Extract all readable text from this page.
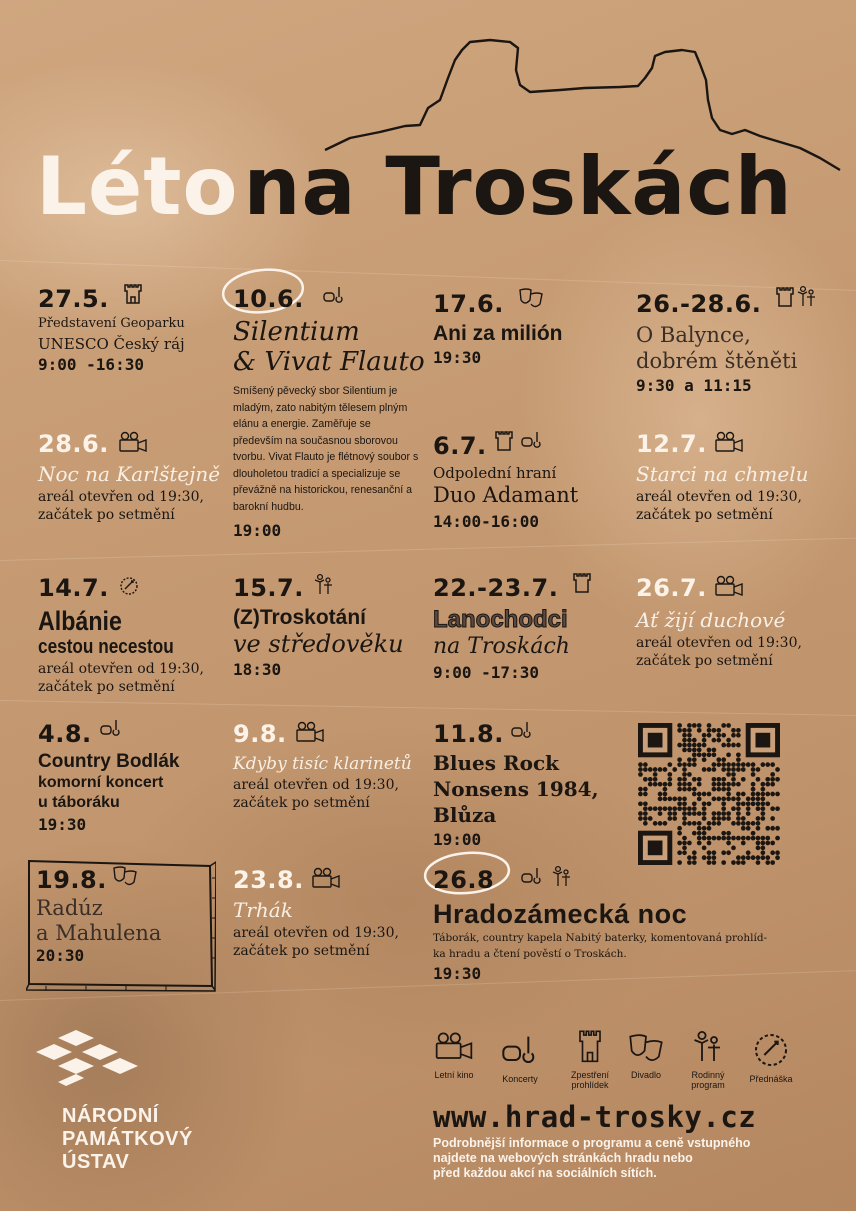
Léto na Troskách
27.5.
Představení Geoparku
UNESCO Český ráj
9:00 -16:30
10.6.
Silentium
& Vivat Flauto
Smíšený pěvecký sbor Silentium je mladým, zato nabitým tělesem plným elánu a energie. Zaměřuje se především na současnou sborovou tvorbu. Vivat Flauto je flétnový soubor s dlouholetou tradicí a specializuje se převážně na historickou, renesanční a barokní hudbu.
19:00
17.6.
Ani za milión
19:30
26.-28.6.
O Balynce,
dobrém štěněti
9:30 a 11:15
28.6.
Noc na Karlštejně
areál otevřen od 19:30,
začátek po setmění
6.7.
Odpolední hraní
Duo Adamant
14:00-16:00
12.7.
Starci na chmelu
areál otevřen od 19:30,
začátek po setmění
14.7.
Albánie
cestou necestou
areál otevřen od 19:30,
začátek po setmění
15.7.
(Z)Troskotání
ve středověku
18:30
22.-23.7.
Lanochodci
na Troskách
9:00 -17:30
26.7.
Ať žijí duchové
areál otevřen od 19:30,
začátek po setmění
4.8.
Country Bodlák
komorní koncert
u táboráku
19:30
9.8.
Kdyby tisíc klarinetů
areál otevřen od 19:30,
začátek po setmění
11.8.
Blues Rock
Nonsens 1984,
Blůza
19:00
19.8.
Radúz
a Mahulena
20:30
23.8.
Trhák
areál otevřen od 19:30,
začátek po setmění
26.8
Hradozámecká noc
Táborák, country kapela Nabitý baterky, komentovaná prohlíd-
ka hradu a čtení pověstí o Troskách.
19:30
NÁRODNÍ
PAMÁTKOVÝ
ÚSTAV
Letní kino	Koncerty	Zpestření prohlídek
Divadlo	Rodinný program
Přednáška
www.hrad-trosky.cz
Podrobnější informace o programu a ceně vstupného
najdete na webových stránkách hradu nebo
před každou akcí na sociálních sítích.
